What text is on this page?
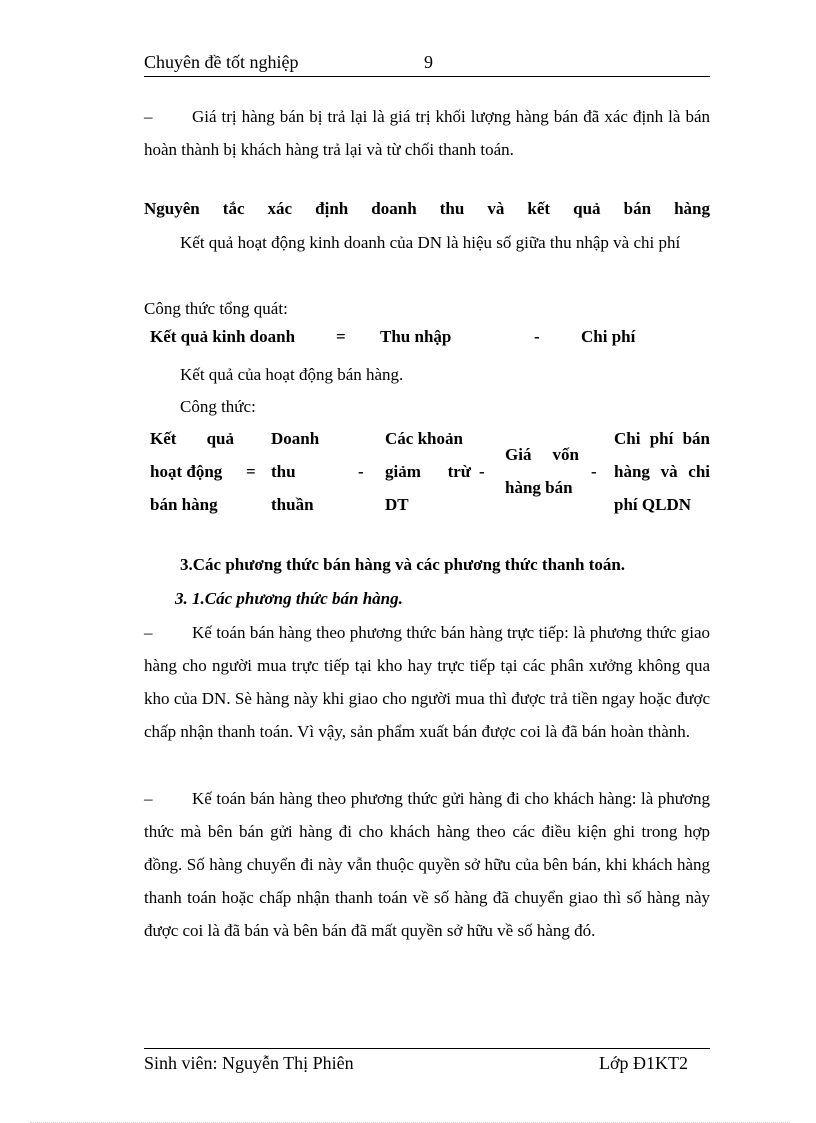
Chuyên đề tốt nghiệp	9
–	Giá trị hàng bán bị trả lại là giá trị khối lượng hàng bán đã xác định là bán hoàn thành bị khách hàng trả lại và từ chối thanh toán.
Nguyên tắc xác định doanh thu và kết quả bán hàng
Kết quả hoạt động kinh doanh của DN là hiệu số giữa thu nhập và chi phí
Công thức tổng quát:
Kết quả kinh doanh = Thu nhập	- Chi phí
Kết quả của hoạt động bán hàng.
Công thức:
Kết quả
hoạt động
bán hàng
=
Doanh
thu
thuần
-
Các khoản
giảm trừ
DT
-
Giá vốn
hàng bán
-
Chi phí bán
hàng và chi
phí QLDN
3.Các phương thức bán hàng và các phương thức thanh toán.
3. 1.Các phương thức bán hàng.
–	Kế toán bán hàng theo phương thức bán hàng trực tiếp: là phương thức giao hàng cho người mua trực tiếp tại kho hay trực tiếp tại các phân xưởng không qua kho của DN. Sè hàng này khi giao cho người mua thì được trả tiền ngay hoặc được chấp nhận thanh toán. Vì vậy, sản phẩm xuất bán được coi là đã bán hoàn thành.
–	Kế toán bán hàng theo phương thức gửi hàng đi cho khách hàng: là phương thức mà bên bán gửi hàng đi cho khách hàng theo các điều kiện ghi trong hợp đồng. Số hàng chuyển đi này vẫn thuộc quyền sở hữu của bên bán, khi khách hàng thanh toán hoặc chấp nhận thanh toán về số hàng đã chuyển giao thì số hàng này được coi là đã bán và bên bán đã mất quyền sở hữu về số hàng đó.
Sinh viên: Nguyễn Thị Phiên	Lớp Đ1KT2
